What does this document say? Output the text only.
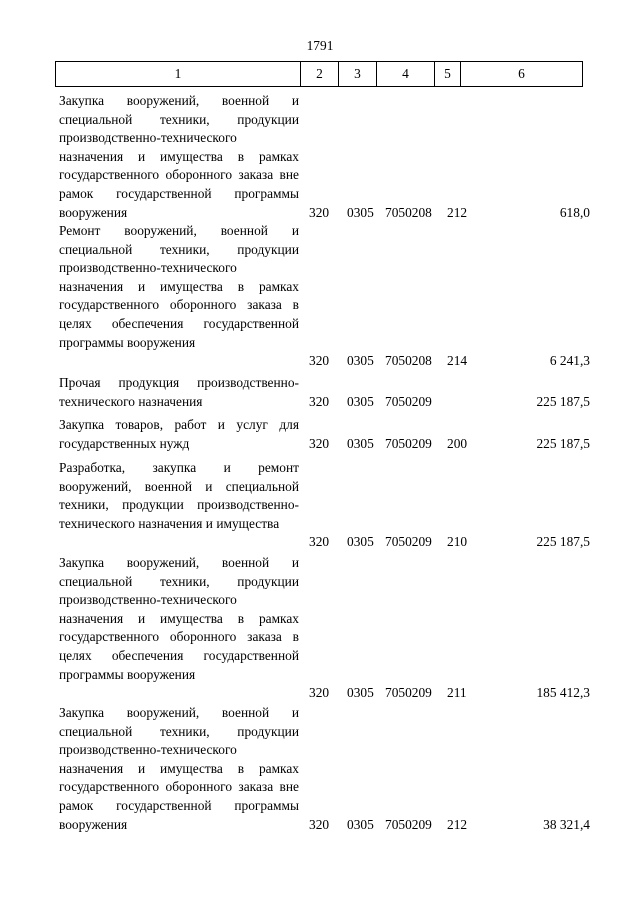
1791
1	2	3	4	5	6
Закупка вооружений, военной и специальной техники, продукции производственно-технического назначения и имущества в рамках государственного оборонного заказа вне рамок государственной программы вооружения	320 0305 7050208 212	618,0
Ремонт вооружений, военной и специальной техники, продукции производственно-технического назначения и имущества в рамках государственного оборонного заказа в целях обеспечения государственной программы вооружения
320 0305 7050208 214	6 241,3
Прочая продукция производственно-технического назначения	320 0305 7050209	225 187,5
Закупка товаров, работ и услуг для государственных нужд	320 0305 7050209 200	225 187,5
Разработка, закупка и ремонт вооружений, военной и специальной техники, продукции производственно-технического назначения и имущества
320 0305 7050209 210	225 187,5
Закупка вооружений, военной и специальной техники, продукции производственно-технического назначения и имущества в рамках государственного оборонного заказа в целях обеспечения государственной программы вооружения
320 0305 7050209 211	185 412,3
Закупка вооружений, военной и специальной техники, продукции производственно-технического назначения и имущества в рамках государственного оборонного заказа вне рамок государственной программы вооружения	320 0305 7050209 212	38 321,4
